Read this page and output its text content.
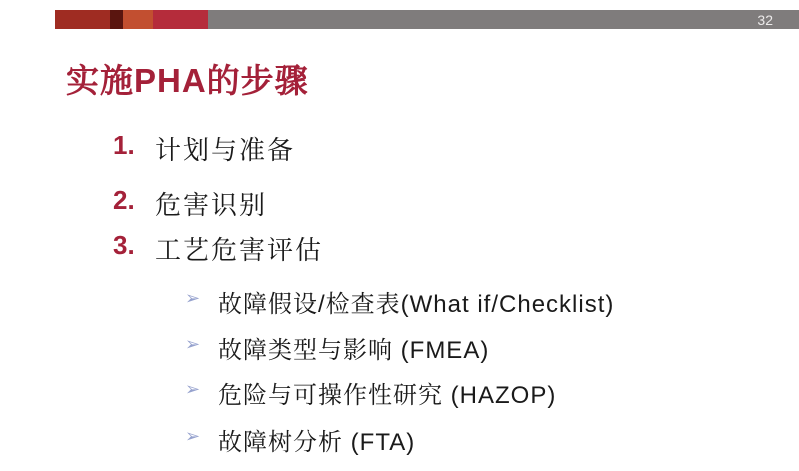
32
实施PHA的步骤
1. 计划与准备
2. 危害识别
3. 工艺危害评估
➢ 故障假设/检查表(What if/Checklist)
➢ 故障类型与影响 (FMEA)
➢ 危险与可操作性研究 (HAZOP)
➢ 故障树分析 (FTA)
